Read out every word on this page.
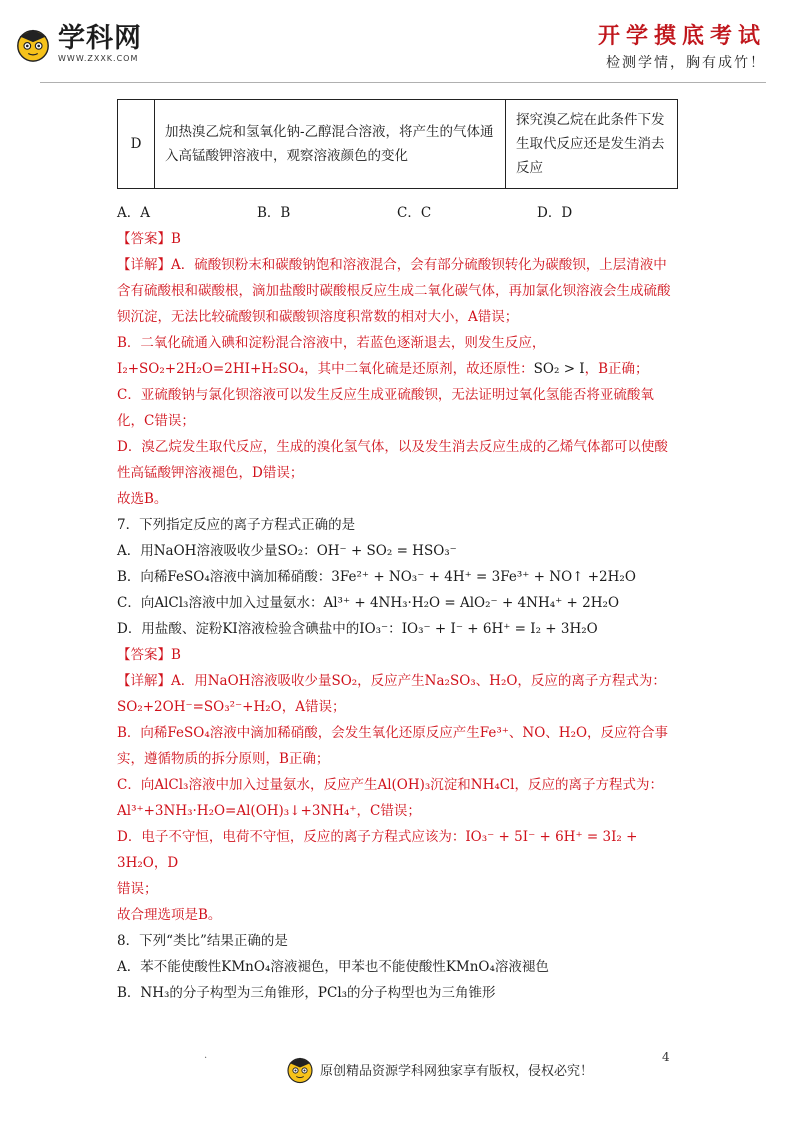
学科网
WWW.ZXXK.COM
开学摸底考试
检测学情，胸有成竹！
D	加热溴乙烷和氢氧化钠-乙醇混合溶液，将产生的气体通入高锰酸钾溶液中，观察溶液颜色的变化	探究溴乙烷在此条件下发生取代反应还是发生消去反应

A．A	B．B	C．C	D．D

【答案】B

【详解】A．硫酸钡粉末和碳酸钠饱和溶液混合，会有部分硫酸钡转化为碳酸钡，上层清液中含有硫酸根和碳酸根，滴加盐酸时碳酸根反应生成二氧化碳气体，再加氯化钡溶液会生成硫酸钡沉淀，无法比较硫酸钡和碳酸钡溶度积常数的相对大小，A错误；

B．二氧化硫通入碘和淀粉混合溶液中，若蓝色逐渐退去，则发生反应，

I₂+SO₂+2H₂O=2HI+H₂SO₄，其中二氧化硫是还原剂，故还原性：SO₂ > I，B正确；

C．亚硫酸钠与氯化钡溶液可以发生反应生成亚硫酸钡，无法证明过氧化氢能否将亚硫酸氧化，C错误；

D．溴乙烷发生取代反应，生成的溴化氢气体，以及发生消去反应生成的乙烯气体都可以使酸性高锰酸钾溶液褪色，D错误；

故选B。

7．下列指定反应的离子方程式正确的是

A．用NaOH溶液吸收少量SO₂：OH⁻ + SO₂ = HSO₃⁻

B．向稀FeSO₄溶液中滴加稀硝酸：3Fe²⁺ + NO₃⁻ + 4H⁺ = 3Fe³⁺ + NO↑ +2H₂O

C．向AlCl₃溶液中加入过量氨水：Al³⁺ + 4NH₃·H₂O = AlO₂⁻ + 4NH₄⁺ + 2H₂O

D．用盐酸、淀粉KI溶液检验含碘盐中的IO₃⁻：IO₃⁻ + I⁻ + 6H⁺ = I₂ + 3H₂O

【答案】B

【详解】A．用NaOH溶液吸收少量SO₂，反应产生Na₂SO₃、H₂O，反应的离子方程式为：

SO₂+2OH⁻=SO₃²⁻+H₂O，A错误；

B．向稀FeSO₄溶液中滴加稀硝酸，会发生氧化还原反应产生Fe³⁺、NO、H₂O，反应符合事实，遵循物质的拆分原则，B正确；

C．向AlCl₃溶液中加入过量氨水，反应产生Al(OH)₃沉淀和NH₄Cl，反应的离子方程式为：

Al³⁺+3NH₃·H₂O=Al(OH)₃↓+3NH₄⁺，C错误；

D．电子不守恒，电荷不守恒，反应的离子方程式应该为：IO₃⁻ + 5I⁻ + 6H⁺ = 3I₂ + 3H₂O，D

错误；

故合理选项是B。

8．下列“类比”结果正确的是

A．苯不能使酸性KMnO₄溶液褪色，甲苯也不能使酸性KMnO₄溶液褪色

B．NH₃的分子构型为三角锥形，PCl₃的分子构型也为三角锥形

.
原创精品资源学科网独家享有版权，侵权必究！
4
